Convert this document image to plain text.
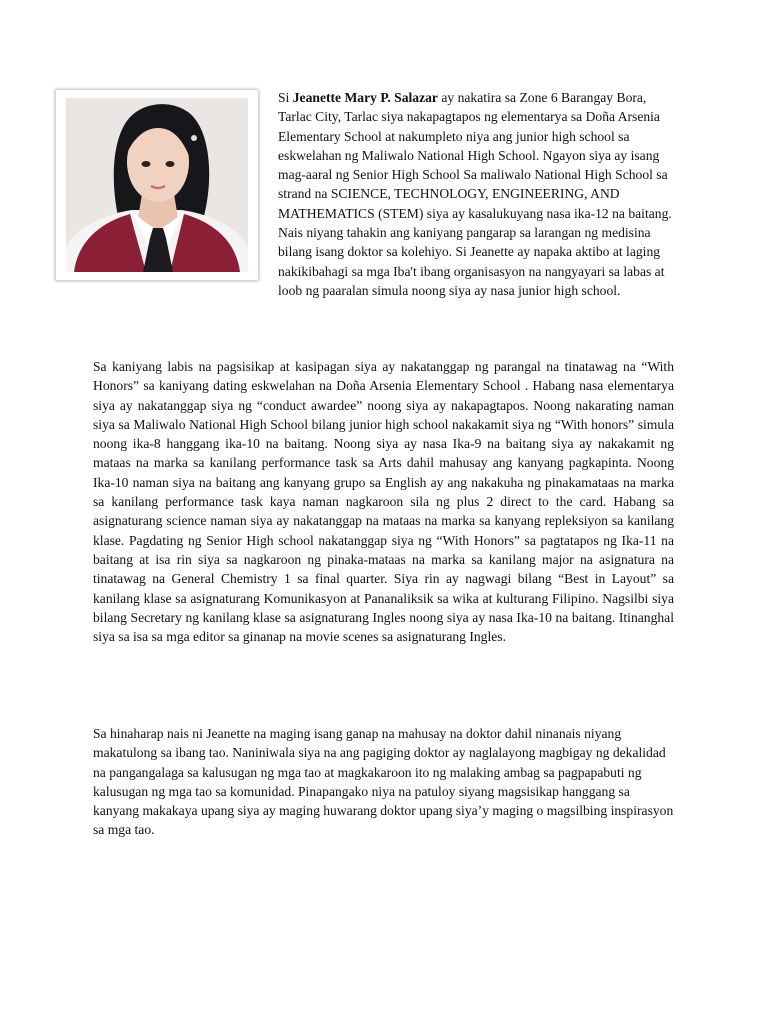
Si Jeanette Mary P. Salazar ay nakatira sa Zone 6 Barangay Bora, Tarlac City, Tarlac siya nakapagtapos ng elementarya sa Doña Arsenia Elementary School at nakumpleto niya ang junior high school sa eskwelahan ng Maliwalo National High School. Ngayon siya ay isang mag-aaral ng Senior High School Sa maliwalo National High School sa strand na SCIENCE, TECHNOLOGY, ENGINEERING, AND MATHEMATICS (STEM) siya ay kasalukuyang nasa ika-12 na baitang. Nais niyang tahakin ang kaniyang pangarap sa larangan ng medisina bilang isang doktor sa kolehiyo. Si Jeanette ay napaka aktibo at laging nakikibahagi sa mga Iba't ibang organisasyon na nangyayari sa labas at loob ng paaralan simula noong siya ay nasa junior high school.

Sa kaniyang labis na pagsisikap at kasipagan siya ay nakatanggap ng parangal na tinatawag na “With Honors” sa kaniyang dating eskwelahan na Doña Arsenia Elementary School . Habang nasa elementarya siya ay nakatanggap siya ng “conduct awardee” noong siya ay nakapagtapos. Noong nakarating naman siya sa Maliwalo National High School bilang junior high school nakakamit siya ng “With honors” simula noong ika-8 hanggang ika-10 na baitang. Noong siya ay nasa Ika-9 na baitang siya ay nakakamit ng mataas na marka sa kanilang performance task sa Arts dahil mahusay ang kanyang pagkapinta. Noong Ika-10 naman siya na baitang ang kanyang grupo sa English ay ang nakakuha ng pinakamataas na marka sa kanilang performance task kaya naman nagkaroon sila ng plus 2 direct to the card. Habang sa asignaturang science naman siya ay nakatanggap na mataas na marka sa kanyang repleksiyon sa kanilang klase. Pagdating ng Senior High school nakatanggap siya ng “With Honors” sa pagtatapos ng Ika-11 na baitang at isa rin siya sa nagkaroon ng pinaka-mataas na marka sa kanilang major na asignatura na tinatawag na General Chemistry 1 sa final quarter. Siya rin ay nagwagi bilang “Best in Layout” sa kanilang klase sa asignaturang Komunikasyon at Pananaliksik sa wika at kulturang Filipino. Nagsilbi siya bilang Secretary ng kanilang klase sa asignaturang Ingles noong siya ay nasa Ika-10 na baitang. Itinanghal siya sa isa sa mga editor sa ginanap na movie scenes sa asignaturang Ingles.

Sa hinaharap nais ni Jeanette na maging isang ganap na mahusay na doktor dahil ninanais niyang makatulong sa ibang tao. Naniniwala siya na ang pagiging doktor ay naglalayong magbigay ng dekalidad na pangangalaga sa kalusugan ng mga tao at magkakaroon ito ng malaking ambag sa pagpapabuti ng kalusugan ng mga tao sa komunidad. Pinapangako niya na patuloy siyang magsisikap hanggang sa kanyang makakaya upang siya ay maging huwarang doktor upang siya’y maging o magsilbing inspirasyon sa mga tao.
